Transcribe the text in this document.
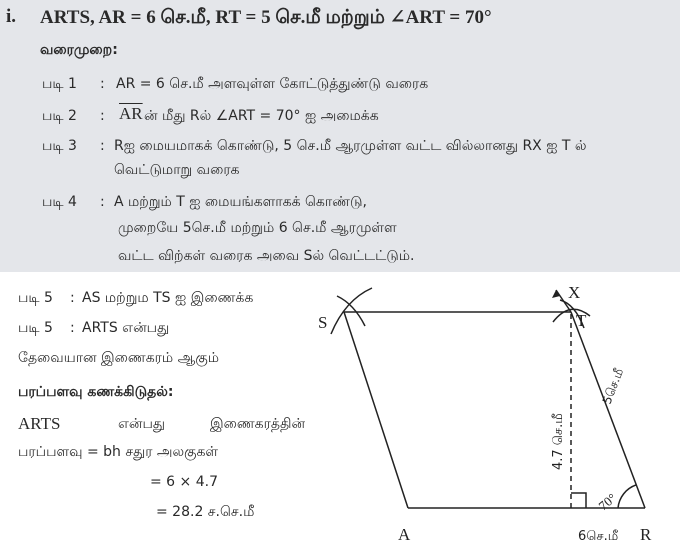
i. ARTS, AR = 6 செ.மீ, RT = 5 செ.மீ மற்றும் ∠ART = 70°
வரைமுறை:
படி 1 : AR = 6 செ.மீ அளவுள்ள கோட்டுத்துண்டு வரைக
படி 2 : $\overline{AR}$ ன் மீது Rல் ∠ART = 70° ஐ அமைக்க
படி 3 : Rஐ மையமாகக் கொண்டு, 5 செ.மீ ஆரமுள்ள வட்ட வில்லானது RX ஐ T ல்
வெட்டுமாறு வரைக
படி 4 : A மற்றும் T ஐ மையங்களாகக் கொண்டு,
முறையே 5செ.மீ மற்றும் 6 செ.மீ ஆரமுள்ள
வட்ட விற்கள் வரைக அவை Sல் வெட்டட்டும்.
படி 5 : AS மற்றும TS ஐ இணைக்க
படி 5 : ARTS என்பது
தேவையான இணைகரம் ஆகும்
பரப்பளவு கணக்கிடுதல்:
ARTS	என்பது	இணைகரத்தின்
பரப்பளவு = bh சதுர அலகுகள்
= 6 × 4.7
= 28.2 ச.செ.மீ
S	T
X
A	R
6செ.மீ
5செ.மீ
4.7 செ.மீ
70°
